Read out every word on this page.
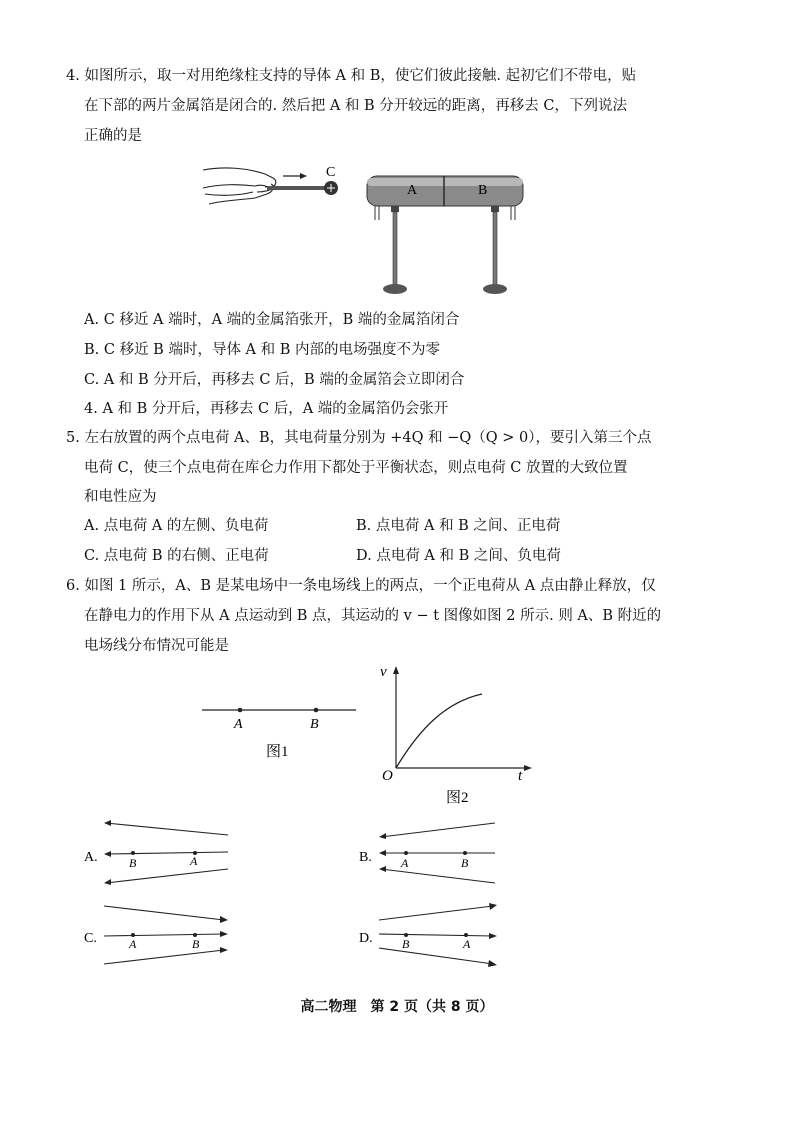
4. 如图所示，取一对用绝缘柱支持的导体 A 和 B，使它们彼此接触. 起初它们不带电，贴
在下部的两片金属箔是闭合的. 然后把 A 和 B 分开较远的距离，再移去 C，下列说法
正确的是
C
A	B
A. C 移近 A 端时，A 端的金属箔张开，B 端的金属箔闭合
B. C 移近 B 端时，导体 A 和 B 内部的电场强度不为零
C. A 和 B 分开后，再移去 C 后，B 端的金属箔会立即闭合
4. A 和 B 分开后，再移去 C 后，A 端的金属箔仍会张开
5. 左右放置的两个点电荷 A、B，其电荷量分别为 +4Q 和 −Q（Q > 0），要引入第三个点
电荷 C，使三个点电荷在库仑力作用下都处于平衡状态，则点电荷 C 放置的大致位置
和电性应为
A. 点电荷 A 的左侧、负电荷	B. 点电荷 A 和 B 之间、正电荷
C. 点电荷 B 的右侧、正电荷	D. 点电荷 A 和 B 之间、负电荷
6. 如图 1 所示，A、B 是某电场中一条电场线上的两点，一个正电荷从 A 点由静止释放，仅
在静电力的作用下从 A 点运动到 B 点，其运动的 v − t 图像如图 2 所示. 则 A、B 附近的
电场线分布情况可能是
A	B
图1
v
t
O
图2
A.	B	A	B. A	B
C.	A	B	D. B	A
高二物理　第 2 页（共 8 页）
